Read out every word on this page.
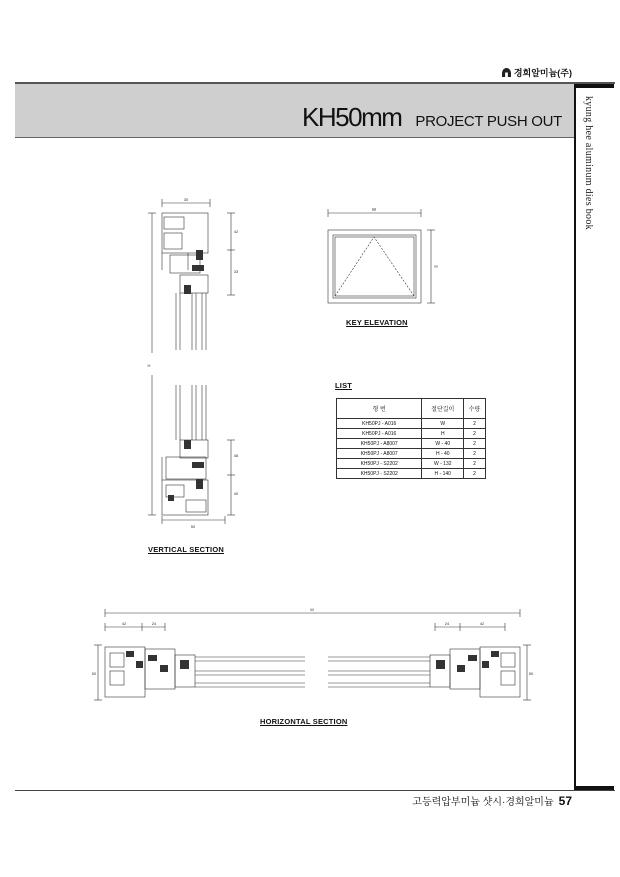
경희알미늄(주)
KH50mm PROJECT PUSH OUT kyung hee aluminum dies book
30
50
H
42
33
48
40
VERTICAL SECTION
W
H
KEY ELEVATION
LIST
형 번	절단길이	수량
KH50PJ - A016	W	2
KH50PJ - A016	H	2
KH50PJ - A8007	W - 40	2
KH50PJ - A8007	H - 40	2
KH50PJ - S2202	W - 132	2
KH50PJ - S2202	H - 140	2
W
42	24	24	42
50	50
HORIZONTAL SECTION
고등력압부미늄 샷시·경희알미늄 57
